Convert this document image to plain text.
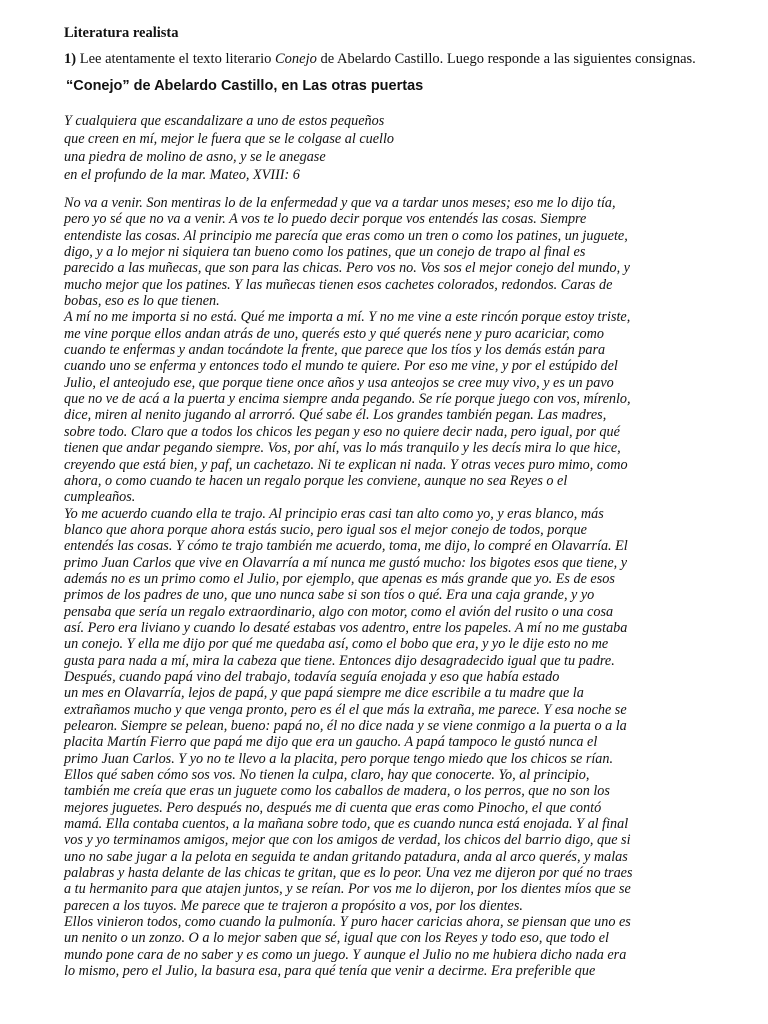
Literatura realista

1) Lee atentamente el texto literario Conejo de Abelardo Castillo. Luego responde a las siguientes consignas.

“Conejo” de Abelardo Castillo, en Las otras puertas

Y cualquiera que escandalizare a uno de estos pequeños
que creen en mí, mejor le fuera que se le colgase al cuello
una piedra de molino de asno, y se le anegase
en el profundo de la mar. Mateo, XVIII: 6
No va a venir. Son mentiras lo de la enfermedad y que va a tardar unos meses; eso me lo dijo tía,
pero yo sé que no va a venir. A vos te lo puedo decir porque vos entendés las cosas. Siempre
entendiste las cosas. Al principio me parecía que eras como un tren o como los patines, un juguete,
digo, y a lo mejor ni siquiera tan bueno como los patines, que un conejo de trapo al final es
parecido a las muñecas, que son para las chicas. Pero vos no. Vos sos el mejor conejo del mundo, y
mucho mejor que los patines. Y las muñecas tienen esos cachetes colorados, redondos. Caras de
bobas, eso es lo que tienen.
A mí no me importa si no está. Qué me importa a mí. Y no me vine a este rincón porque estoy triste,
me vine porque ellos andan atrás de uno, querés esto y qué querés nene y puro acariciar, como
cuando te enfermas y andan tocándote la frente, que parece que los tíos y los demás están para
cuando uno se enferma y entonces todo el mundo te quiere. Por eso me vine, y por el estúpido del
Julio, el anteojudo ese, que porque tiene once años y usa anteojos se cree muy vivo, y es un pavo
que no ve de acá a la puerta y encima siempre anda pegando. Se ríe porque juego con vos, mírenlo,
dice, miren al nenito jugando al arrorró. Qué sabe él. Los grandes también pegan. Las madres,
sobre todo. Claro que a todos los chicos les pegan y eso no quiere decir nada, pero igual, por qué
tienen que andar pegando siempre. Vos, por ahí, vas lo más tranquilo y les decís mira lo que hice,
creyendo que está bien, y paf, un cachetazo. Ni te explican ni nada. Y otras veces puro mimo, como
ahora, o como cuando te hacen un regalo porque les conviene, aunque no sea Reyes o el
cumpleaños.
Yo me acuerdo cuando ella te trajo. Al principio eras casi tan alto como yo, y eras blanco, más
blanco que ahora porque ahora estás sucio, pero igual sos el mejor conejo de todos, porque
entendés las cosas. Y cómo te trajo también me acuerdo, toma, me dijo, lo compré en Olavarría. El
primo Juan Carlos que vive en Olavarría a mí nunca me gustó mucho: los bigotes esos que tiene, y
además no es un primo como el Julio, por ejemplo, que apenas es más grande que yo. Es de esos
primos de los padres de uno, que uno nunca sabe si son tíos o qué. Era una caja grande, y yo
pensaba que sería un regalo extraordinario, algo con motor, como el avión del rusito o una cosa
así. Pero era liviano y cuando lo desaté estabas vos adentro, entre los papeles. A mí no me gustaba
un conejo. Y ella me dijo por qué me quedaba así, como el bobo que era, y yo le dije esto no me
gusta para nada a mí, mira la cabeza que tiene. Entonces dijo desagradecido igual que tu padre.
Después, cuando papá vino del trabajo, todavía seguía enojada y eso que había estado
un mes en Olavarría, lejos de papá, y que papá siempre me dice escribile a tu madre que la
extrañamos mucho y que venga pronto, pero es él el que más la extraña, me parece. Y esa noche se
pelearon. Siempre se pelean, bueno: papá no, él no dice nada y se viene conmigo a la puerta o a la
placita Martín Fierro que papá me dijo que era un gaucho. A papá tampoco le gustó nunca el
primo Juan Carlos. Y yo no te llevo a la placita, pero porque tengo miedo que los chicos se rían.
Ellos qué saben cómo sos vos. No tienen la culpa, claro, hay que conocerte. Yo, al principio,
también me creía que eras un juguete como los caballos de madera, o los perros, que no son los
mejores juguetes. Pero después no, después me di cuenta que eras como Pinocho, el que contó
mamá. Ella contaba cuentos, a la mañana sobre todo, que es cuando nunca está enojada. Y al final
vos y yo terminamos amigos, mejor que con los amigos de verdad, los chicos del barrio digo, que si
uno no sabe jugar a la pelota en seguida te andan gritando patadura, anda al arco querés, y malas
palabras y hasta delante de las chicas te gritan, que es lo peor. Una vez me dijeron por qué no traes
a tu hermanito para que atajen juntos, y se reían. Por vos me lo dijeron, por los dientes míos que se
parecen a los tuyos. Me parece que te trajeron a propósito a vos, por los dientes.
Ellos vinieron todos, como cuando la pulmonía. Y puro hacer caricias ahora, se piensan que uno es
un nenito o un zonzo. O a lo mejor saben que sé, igual que con los Reyes y todo eso, que todo el
mundo pone cara de no saber y es como un juego. Y aunque el Julio no me hubiera dicho nada era
lo mismo, pero el Julio, la basura esa, para qué tenía que venir a decirme. Era preferible que
